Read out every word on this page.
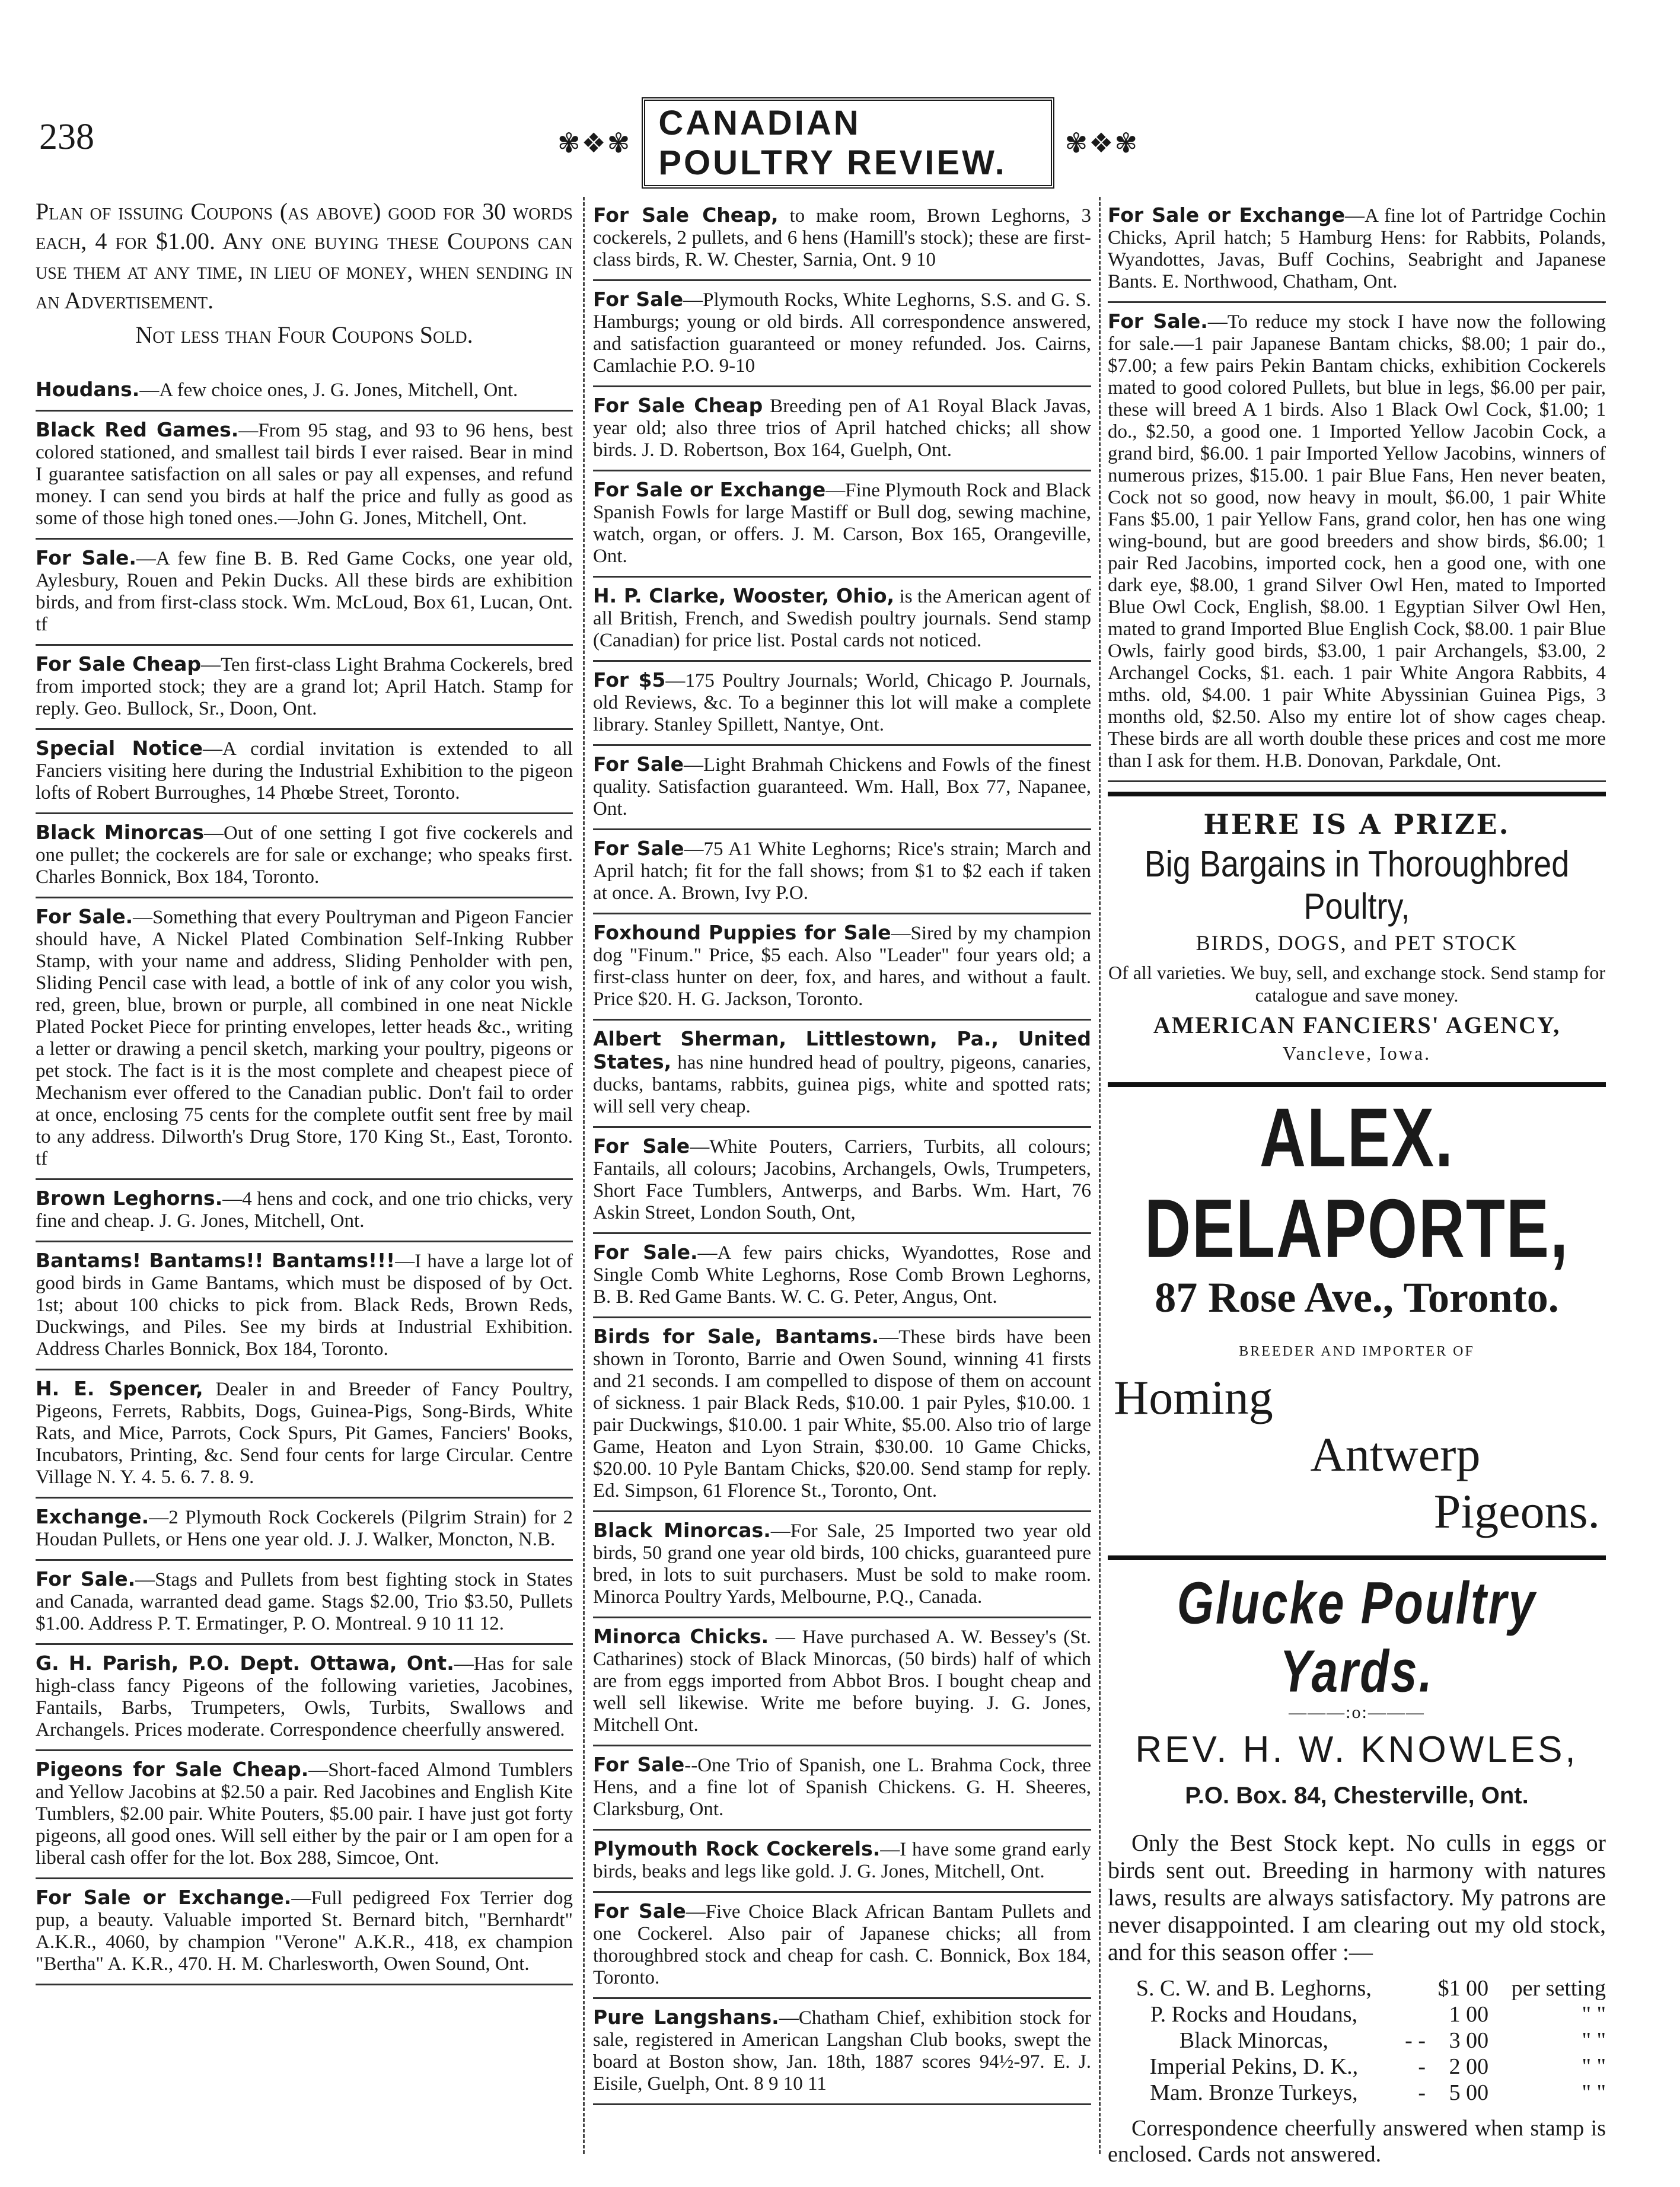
238	✾❖✾
CANADIAN POULTRY REVIEW.
✾❖✾
Plan of issuing Coupons (as above) good for 30 words each, 4 for $1.00. Any one buying these Coupons can use them at any time, in lieu of money, when sending in an Advertisement.
Not less than Four Coupons Sold.
Houdans.—A few choice ones, J. G. Jones, Mitchell, Ont.
Black Red Games.—From 95 stag, and 93 to 96 hens, best colored stationed, and smallest tail birds I ever raised. Bear in mind I guarantee satisfaction on all sales or pay all expenses, and refund money. I can send you birds at half the price and fully as good as some of those high toned ones.—John G. Jones, Mitchell, Ont.
For Sale.—A few fine B. B. Red Game Cocks, one year old, Aylesbury, Rouen and Pekin Ducks. All these birds are exhibition birds, and from first-class stock. Wm. McLoud, Box 61, Lucan, Ont. tf
For Sale Cheap—Ten first-class Light Brahma Cockerels, bred from imported stock; they are a grand lot; April Hatch. Stamp for reply. Geo. Bullock, Sr., Doon, Ont.
Special Notice—A cordial invitation is extended to all Fanciers visiting here during the Industrial Exhibition to the pigeon lofts of Robert Burroughes, 14 Phœbe Street, Toronto.
Black Minorcas—Out of one setting I got five cockerels and one pullet; the cockerels are for sale or exchange; who speaks first. Charles Bonnick, Box 184, Toronto.
For Sale.—Something that every Poultryman and Pigeon Fancier should have, A Nickel Plated Combination Self-Inking Rubber Stamp, with your name and address, Sliding Penholder with pen, Sliding Pencil case with lead, a bottle of ink of any color you wish, red, green, blue, brown or purple, all combined in one neat Nickle Plated Pocket Piece for printing envelopes, letter heads &c., writing a letter or drawing a pencil sketch, marking your poultry, pigeons or pet stock. The fact is it is the most complete and cheapest piece of Mechanism ever offered to the Canadian public. Don't fail to order at once, enclosing 75 cents for the complete outfit sent free by mail to any address. Dilworth's Drug Store, 170 King St., East, Toronto. tf
Brown Leghorns.—4 hens and cock, and one trio chicks, very fine and cheap. J. G. Jones, Mitchell, Ont.
Bantams! Bantams!! Bantams!!!—I have a large lot of good birds in Game Bantams, which must be disposed of by Oct. 1st; about 100 chicks to pick from. Black Reds, Brown Reds, Duckwings, and Piles. See my birds at Industrial Exhibition. Address Charles Bonnick, Box 184, Toronto.
H. E. Spencer, Dealer in and Breeder of Fancy Poultry, Pigeons, Ferrets, Rabbits, Dogs, Guinea-Pigs, Song-Birds, White Rats, and Mice, Parrots, Cock Spurs, Pit Games, Fanciers' Books, Incubators, Printing, &c. Send four cents for large Circular. Centre Village N. Y. 4. 5. 6. 7. 8. 9.
Exchange.—2 Plymouth Rock Cockerels (Pilgrim Strain) for 2 Houdan Pullets, or Hens one year old. J. J. Walker, Moncton, N.B.
For Sale.—Stags and Pullets from best fighting stock in States and Canada, warranted dead game. Stags $2.00, Trio $3.50, Pullets $1.00. Address P. T. Ermatinger, P. O. Montreal. 9 10 11 12.
G. H. Parish, P.O. Dept. Ottawa, Ont.—Has for sale high-class fancy Pigeons of the following varieties, Jacobines, Fantails, Barbs, Trumpeters, Owls, Turbits, Swallows and Archangels. Prices moderate. Correspondence cheerfully answered.
Pigeons for Sale Cheap.—Short-faced Almond Tumblers and Yellow Jacobins at $2.50 a pair. Red Jacobines and English Kite Tumblers, $2.00 pair. White Pouters, $5.00 pair. I have just got forty pigeons, all good ones. Will sell either by the pair or I am open for a liberal cash offer for the lot. Box 288, Simcoe, Ont.
For Sale or Exchange.—Full pedigreed Fox Terrier dog pup, a beauty. Valuable imported St. Bernard bitch, "Bernhardt" A.K.R., 4060, by champion "Verone" A.K.R., 418, ex champion "Bertha" A. K.R., 470. H. M. Charlesworth, Owen Sound, Ont.
For Sale Cheap, to make room, Brown Leghorns, 3 cockerels, 2 pullets, and 6 hens (Hamill's stock); these are first-class birds, R. W. Chester, Sarnia, Ont. 9 10
For Sale—Plymouth Rocks, White Leghorns, S.S. and G. S. Hamburgs; young or old birds. All correspondence answered, and satisfaction guaranteed or money refunded. Jos. Cairns, Camlachie P.O. 9-10
For Sale Cheap Breeding pen of A1 Royal Black Javas, year old; also three trios of April hatched chicks; all show birds. J. D. Robertson, Box 164, Guelph, Ont.
For Sale or Exchange—Fine Plymouth Rock and Black Spanish Fowls for large Mastiff or Bull dog, sewing machine, watch, organ, or offers. J. M. Carson, Box 165, Orangeville, Ont.
H. P. Clarke, Wooster, Ohio, is the American agent of all British, French, and Swedish poultry journals. Send stamp (Canadian) for price list. Postal cards not noticed.
For $5—175 Poultry Journals; World, Chicago P. Journals, old Reviews, &c. To a beginner this lot will make a complete library. Stanley Spillett, Nantye, Ont.
For Sale—Light Brahmah Chickens and Fowls of the finest quality. Satisfaction guaranteed. Wm. Hall, Box 77, Napanee, Ont.
For Sale—75 A1 White Leghorns; Rice's strain; March and April hatch; fit for the fall shows; from $1 to $2 each if taken at once. A. Brown, Ivy P.O.
Foxhound Puppies for Sale—Sired by my champion dog "Finum." Price, $5 each. Also "Leader" four years old; a first-class hunter on deer, fox, and hares, and without a fault. Price $20. H. G. Jackson, Toronto.
Albert Sherman, Littlestown, Pa., United States, has nine hundred head of poultry, pigeons, canaries, ducks, bantams, rabbits, guinea pigs, white and spotted rats; will sell very cheap.
For Sale—White Pouters, Carriers, Turbits, all colours; Fantails, all colours; Jacobins, Archangels, Owls, Trumpeters, Short Face Tumblers, Antwerps, and Barbs. Wm. Hart, 76 Askin Street, London South, Ont,
For Sale.—A few pairs chicks, Wyandottes, Rose and Single Comb White Leghorns, Rose Comb Brown Leghorns, B. B. Red Game Bants. W. C. G. Peter, Angus, Ont.
Birds for Sale, Bantams.—These birds have been shown in Toronto, Barrie and Owen Sound, winning 41 firsts and 21 seconds. I am compelled to dispose of them on account of sickness. 1 pair Black Reds, $10.00. 1 pair Pyles, $10.00. 1 pair Duckwings, $10.00. 1 pair White, $5.00. Also trio of large Game, Heaton and Lyon Strain, $30.00. 10 Game Chicks, $20.00. 10 Pyle Bantam Chicks, $20.00. Send stamp for reply. Ed. Simpson, 61 Florence St., Toronto, Ont.
Black Minorcas.—For Sale, 25 Imported two year old birds, 50 grand one year old birds, 100 chicks, guaranteed pure bred, in lots to suit purchasers. Must be sold to make room. Minorca Poultry Yards, Melbourne, P.Q., Canada.
Minorca Chicks. — Have purchased A. W. Bessey's (St. Catharines) stock of Black Minorcas, (50 birds) half of which are from eggs imported from Abbot Bros. I bought cheap and well sell likewise. Write me before buying. J. G. Jones, Mitchell Ont.
For Sale--One Trio of Spanish, one L. Brahma Cock, three Hens, and a fine lot of Spanish Chickens. G. H. Sheeres, Clarksburg, Ont.
Plymouth Rock Cockerels.—I have some grand early birds, beaks and legs like gold. J. G. Jones, Mitchell, Ont.
For Sale—Five Choice Black African Bantam Pullets and one Cockerel. Also pair of Japanese chicks; all from thoroughbred stock and cheap for cash. C. Bonnick, Box 184, Toronto.
Pure Langshans.—Chatham Chief, exhibition stock for sale, registered in American Langshan Club books, swept the board at Boston show, Jan. 18th, 1887 scores 94½-97. E. J. Eisile, Guelph, Ont. 8 9 10 11
For Sale or Exchange—A fine lot of Partridge Cochin Chicks, April hatch; 5 Hamburg Hens: for Rabbits, Polands, Wyandottes, Javas, Buff Cochins, Seabright and Japanese Bants. E. Northwood, Chatham, Ont.
For Sale.—To reduce my stock I have now the following for sale.—1 pair Japanese Bantam chicks, $8.00; 1 pair do., $7.00; a few pairs Pekin Bantam chicks, exhibition Cockerels mated to good colored Pullets, but blue in legs, $6.00 per pair, these will breed A 1 birds. Also 1 Black Owl Cock, $1.00; 1 do., $2.50, a good one. 1 Imported Yellow Jacobin Cock, a grand bird, $6.00. 1 pair Imported Yellow Jacobins, winners of numerous prizes, $15.00. 1 pair Blue Fans, Hen never beaten, Cock not so good, now heavy in moult, $6.00, 1 pair White Fans $5.00, 1 pair Yellow Fans, grand color, hen has one wing wing-bound, but are good breeders and show birds, $6.00; 1 pair Red Jacobins, imported cock, hen a good one, with one dark eye, $8.00, 1 grand Silver Owl Hen, mated to Imported Blue Owl Cock, English, $8.00. 1 Egyptian Silver Owl Hen, mated to grand Imported Blue English Cock, $8.00. 1 pair Blue Owls, fairly good birds, $3.00, 1 pair Archangels, $3.00, 2 Archangel Cocks, $1. each. 1 pair White Angora Rabbits, 4 mths. old, $4.00. 1 pair White Abyssinian Guinea Pigs, 3 months old, $2.50. Also my entire lot of show cages cheap. These birds are all worth double these prices and cost me more than I ask for them. H.B. Donovan, Parkdale, Ont.
HERE IS A PRIZE.
Big Bargains in Thoroughbred Poultry,
BIRDS, DOGS, and PET STOCK
Of all varieties. We buy, sell, and exchange stock. Send stamp for catalogue and save money.
AMERICAN FANCIERS' AGENCY,
Vancleve, Iowa.
ALEX. DELAPORTE,
87 Rose Ave., Toronto.
BREEDER AND IMPORTER OF
Homing
Antwerp
Pigeons.
Glucke Poultry Yards.
———:o:———
REV. H. W. KNOWLES,
P.O. Box. 84, Chesterville, Ont.
Only the Best Stock kept. No culls in eggs or birds sent out. Breeding in harmony with natures laws, results are always satisfactory. My patrons are never disappointed. I am clearing out my old stock, and for this season offer :—
S. C. W. and B. Leghorns,		$1 00	per setting
P. Rocks and Houdans,		1 00	" "
Black Minorcas,	- -	3 00	" "
Imperial Pekins, D. K.,	-	2 00	" "
Mam. Bronze Turkeys,	-	5 00	" "
Correspondence cheerfully answered when stamp is enclosed. Cards not answered.
